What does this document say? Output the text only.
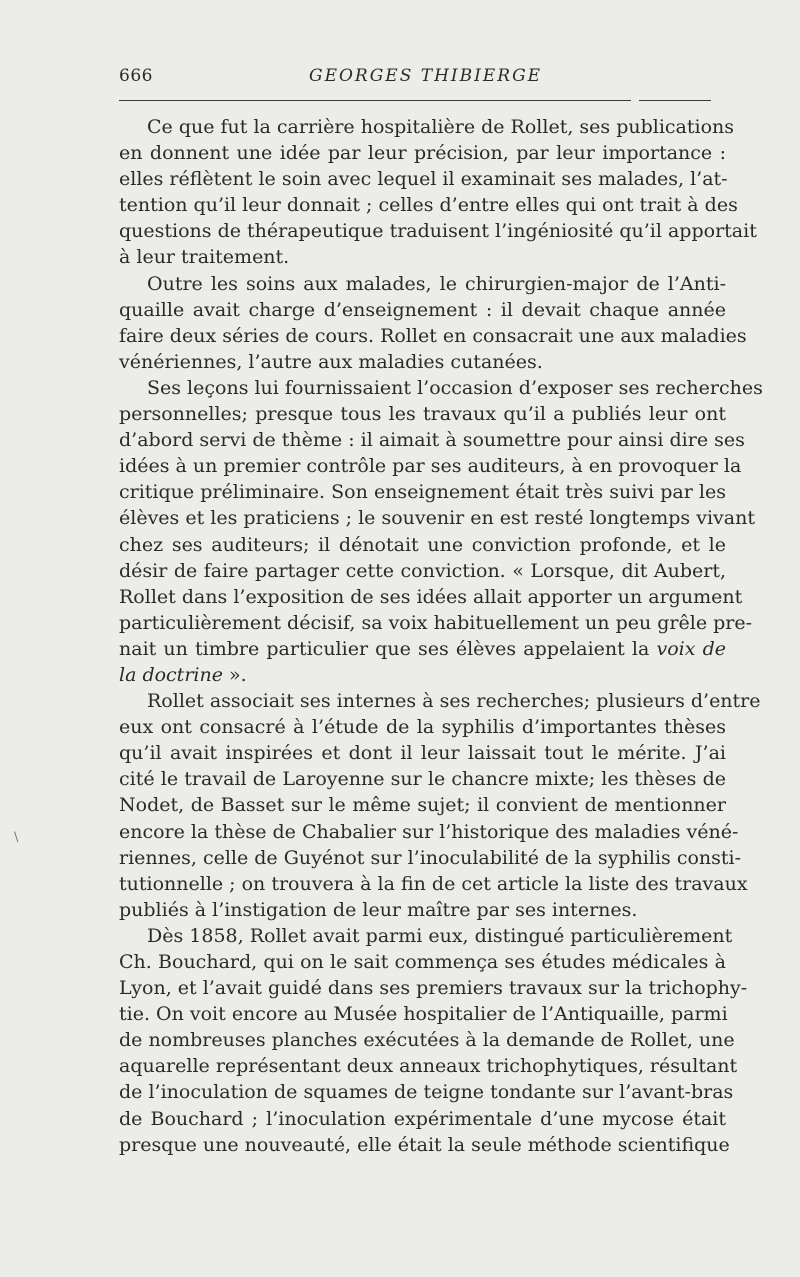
666	GEORGES THIBIERGE
\
Ce que fut la carrière hospitalière de Rollet, ses publications
en donnent une idée par leur précision, par leur importance :
elles réflètent le soin avec lequel il examinait ses malades, l’at-
tention qu’il leur donnait ; celles d’entre elles qui ont trait à des
questions de thérapeutique traduisent l’ingéniosité qu’il apportait
à leur traitement.
Outre les soins aux malades, le chirurgien-major de l’Anti-
quaille avait charge d’enseignement : il devait chaque année
faire deux séries de cours. Rollet en consacrait une aux maladies
vénériennes, l’autre aux maladies cutanées.
Ses leçons lui fournissaient l’occasion d’exposer ses recherches
personnelles; presque tous les travaux qu’il a publiés leur ont
d’abord servi de thème : il aimait à soumettre pour ainsi dire ses
idées à un premier contrôle par ses auditeurs, à en provoquer la
critique préliminaire. Son enseignement était très suivi par les
élèves et les praticiens ; le souvenir en est resté longtemps vivant
chez ses auditeurs; il dénotait une conviction profonde, et le
désir de faire partager cette conviction. « Lorsque, dit Aubert,
Rollet dans l’exposition de ses idées allait apporter un argument
particulièrement décisif, sa voix habituellement un peu grêle pre-
nait un timbre particulier que ses élèves appelaient la voix de
la doctrine ».
Rollet associait ses internes à ses recherches; plusieurs d’entre
eux ont consacré à l’étude de la syphilis d’importantes thèses
qu’il avait inspirées et dont il leur laissait tout le mérite. J’ai
cité le travail de Laroyenne sur le chancre mixte; les thèses de
Nodet, de Basset sur le même sujet; il convient de mentionner
encore la thèse de Chabalier sur l’historique des maladies véné-
riennes, celle de Guyénot sur l’inoculabilité de la syphilis consti-
tutionnelle ; on trouvera à la fin de cet article la liste des travaux
publiés à l’instigation de leur maître par ses internes.
Dès 1858, Rollet avait parmi eux, distingué particulièrement
Ch. Bouchard, qui on le sait commença ses études médicales à
Lyon, et l’avait guidé dans ses premiers travaux sur la trichophy-
tie. On voit encore au Musée hospitalier de l’Antiquaille, parmi
de nombreuses planches exécutées à la demande de Rollet, une
aquarelle représentant deux anneaux trichophytiques, résultant
de l’inoculation de squames de teigne tondante sur l’avant-bras
de Bouchard ; l’inoculation expérimentale d’une mycose était
presque une nouveauté, elle était la seule méthode scientifique
